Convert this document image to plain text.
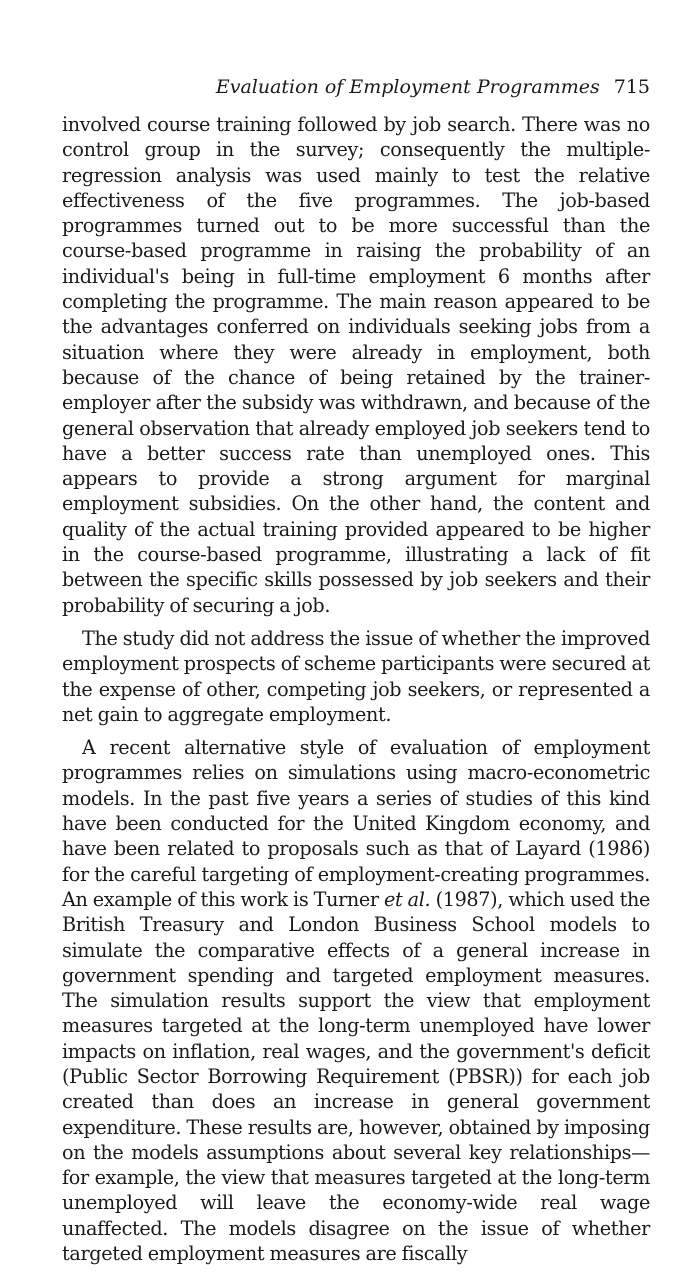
Evaluation of Employment Programmes 715

involved course training followed by job search. There was no control group in the survey; consequently the multiple-regression analysis was used mainly to test the relative effectiveness of the five programmes. The job-based programmes turned out to be more successful than the course-based programme in raising the probability of an individual's being in full-time employment 6 months after completing the programme. The main reason appeared to be the advantages conferred on individuals seeking jobs from a situation where they were already in employment, both because of the chance of being retained by the trainer-employer after the subsidy was withdrawn, and because of the general observation that already employed job seekers tend to have a better success rate than unemployed ones. This appears to provide a strong argument for marginal employment subsidies. On the other hand, the content and quality of the actual training provided appeared to be higher in the course-based programme, illustrating a lack of fit between the specific skills possessed by job seekers and their probability of securing a job.

The study did not address the issue of whether the improved employment prospects of scheme participants were secured at the expense of other, competing job seekers, or represented a net gain to aggregate employment.

A recent alternative style of evaluation of employment programmes relies on simulations using macro-econometric models. In the past five years a series of studies of this kind have been conducted for the United Kingdom economy, and have been related to proposals such as that of Layard (1986) for the careful targeting of employment-creating programmes. An example of this work is Turner et al. (1987), which used the British Treasury and London Business School models to simulate the comparative effects of a general increase in government spending and targeted employment measures. The simulation results support the view that employment measures targeted at the long-term unemployed have lower impacts on inflation, real wages, and the government's deficit (Public Sector Borrowing Requirement (PBSR)) for each job created than does an increase in general government expenditure. These results are, however, obtained by imposing on the models assumptions about several key relationships—for example, the view that measures targeted at the long-term unemployed will leave the economy-wide real wage unaffected. The models disagree on the issue of whether targeted employment measures are fiscally
